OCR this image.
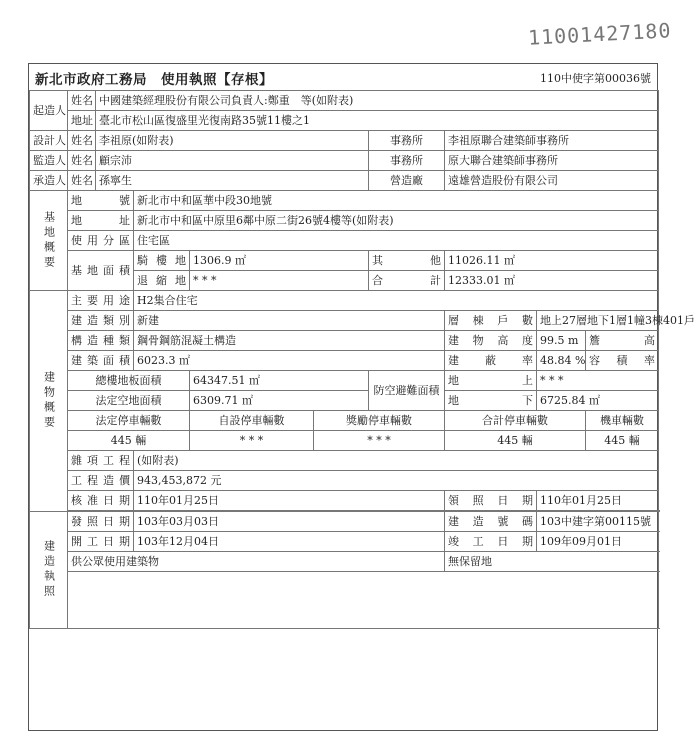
11001427180
新北市政府工務局　使用執照【存根】	110中使字第00036號
起造人	姓名	中國建築經理股份有限公司負責人:鄭重　等(如附表)								
	地址	臺北市松山區復盛里光復南路35號11樓之1								
設計人	姓名	李祖原(如附表)				事務所	李祖原聯合建築師事務所			
監造人	姓名	顧宗沛				事務所	原大聯合建築師事務所			
承造人	姓名	孫寧生				營造廠	遠雄營造股份有限公司			
基地概要	地號		新北市中和區華中段30地號							
	地址		新北市中和區中原里6鄰中原二街26號4樓等(如附表)							
	使用分區		住宅區							
	基地面積		騎樓地	1306.9 ㎡		其他	11026.11 ㎡			
			退縮地	* * *		合計	12333.01 ㎡			
建物概要	主要用途		H2集合住宅							
	建造類別		新建				層棟戶數	地上27層地下1層1幢3棟401戶		
	構造種類		鋼骨鋼筋混凝土構造				建物高度	99.5 m	簷高	
	建築面積		6023.3 ㎡				建蔽率	48.84 %	容積率	
	總樓地板面積			64347.51 ㎡		防空避難面積	地上	* * *		
	法定空地面積			6309.71 ㎡			地下	6725.84 ㎡		
	法定停車輛數			自設停車輛數	獎勵停車輛數		合計停車輛數		機車輛數	
	445 輛			* * *	* * *		445 輛		445 輛	
	雜項工程		(如附表)							
	工程造價		943,453,872 元							
	核准日期		110年01月25日				領照日期	110年01月25日		

建造執照	發照日期		103年03月03日				建造號碼	103中建字第00115號		
	開工日期		103年12月04日				竣工日期	109年09月01日		
	供公眾使用建築物						無保留地			
